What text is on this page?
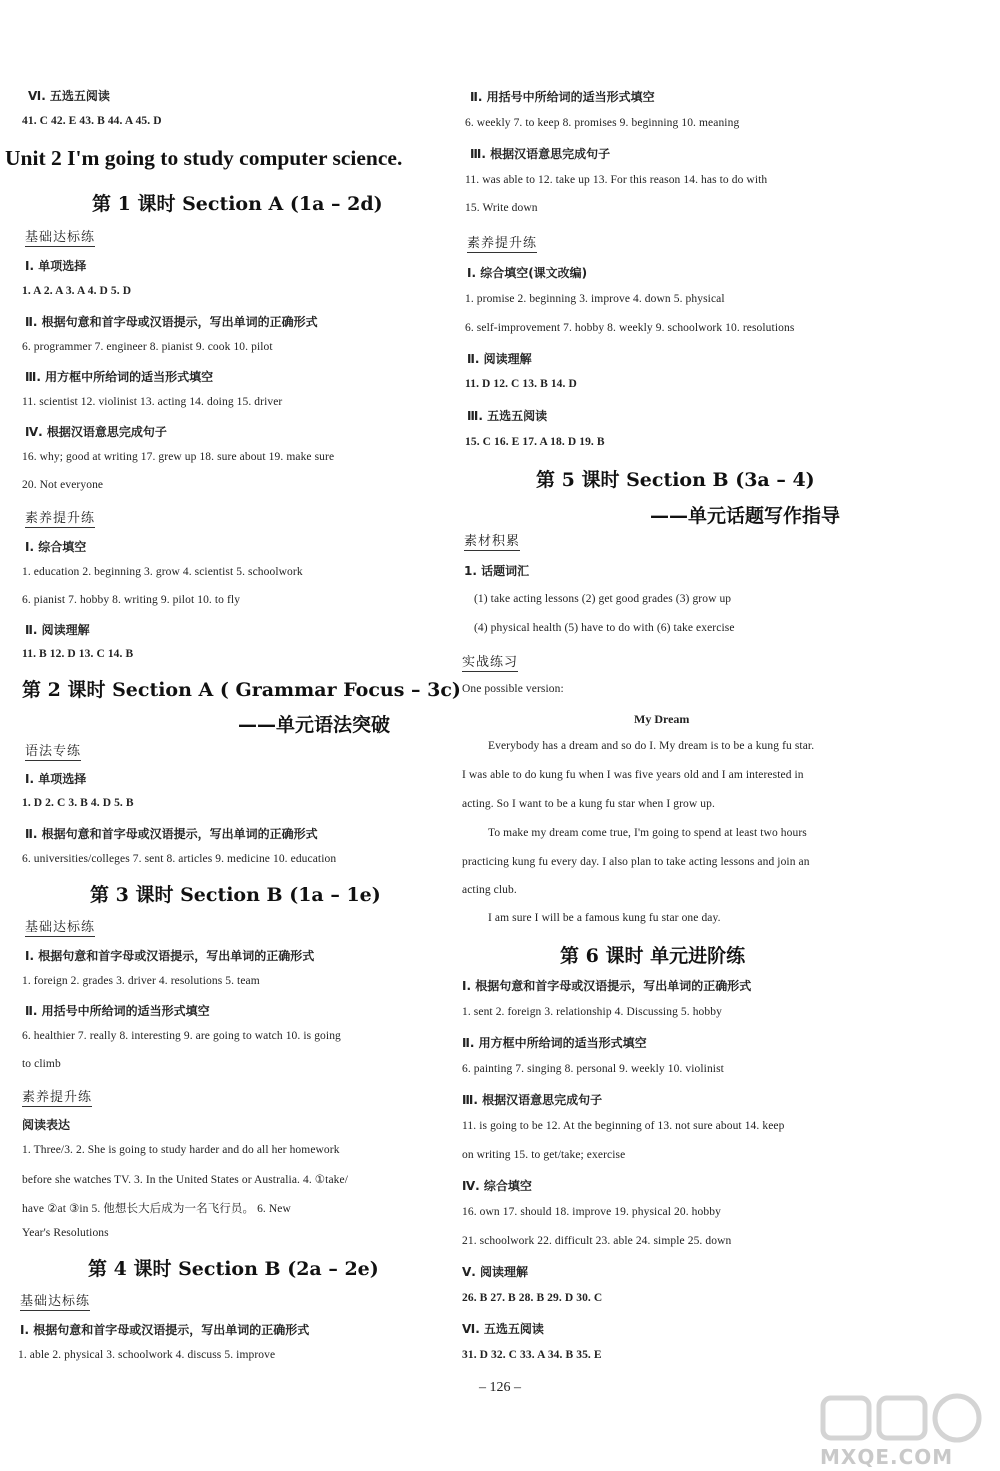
Ⅵ. 五选五阅读
41. C 42. E 43. B 44. A 45. D
Unit 2 I'm going to study computer science.
第 1 课时 Section A (1a – 2d)
基础达标练
Ⅰ. 单项选择
1. A 2. A 3. A 4. D 5. D
Ⅱ. 根据句意和首字母或汉语提示，写出单词的正确形式
6. programmer 7. engineer 8. pianist 9. cook 10. pilot
Ⅲ. 用方框中所给词的适当形式填空
11. scientist 12. violinist 13. acting 14. doing 15. driver
Ⅳ. 根据汉语意思完成句子
16. why; good at writing 17. grew up 18. sure about 19. make sure
20. Not everyone
素养提升练
Ⅰ. 综合填空
1. education 2. beginning 3. grow 4. scientist 5. schoolwork
6. pianist 7. hobby 8. writing 9. pilot 10. to fly
Ⅱ. 阅读理解
11. B 12. D 13. C 14. B
第 2 课时 Section A ( Grammar Focus – 3c)
——单元语法突破
语法专练
Ⅰ. 单项选择
1. D 2. C 3. B 4. D 5. B
Ⅱ. 根据句意和首字母或汉语提示，写出单词的正确形式
6. universities/colleges 7. sent 8. articles 9. medicine 10. education
第 3 课时 Section B (1a – 1e)
基础达标练
Ⅰ. 根据句意和首字母或汉语提示，写出单词的正确形式
1. foreign 2. grades 3. driver 4. resolutions 5. team
Ⅱ. 用括号中所给词的适当形式填空
6. healthier 7. really 8. interesting 9. are going to watch 10. is going
to climb
素养提升练
阅读表达
1. Three/3. 2. She is going to study harder and do all her homework
before she watches TV. 3. In the United States or Australia. 4. ①take/
have ②at ③in 5. 他想长大后成为一名飞行员。 6. New
Year's Resolutions
第 4 课时 Section B (2a – 2e)
基础达标练
Ⅰ. 根据句意和首字母或汉语提示，写出单词的正确形式
1. able 2. physical 3. schoolwork 4. discuss 5. improve
Ⅱ. 用括号中所给词的适当形式填空
6. weekly 7. to keep 8. promises 9. beginning 10. meaning
Ⅲ. 根据汉语意思完成句子
11. was able to 12. take up 13. For this reason 14. has to do with
15. Write down
素养提升练
Ⅰ. 综合填空(课文改编)
1. promise 2. beginning 3. improve 4. down 5. physical
6. self-improvement 7. hobby 8. weekly 9. schoolwork 10. resolutions
Ⅱ. 阅读理解
11. D 12. C 13. B 14. D
Ⅲ. 五选五阅读
15. C 16. E 17. A 18. D 19. B
第 5 课时 Section B (3a – 4)
——单元话题写作指导
素材积累
1. 话题词汇
(1) take acting lessons (2) get good grades (3) grow up
(4) physical health (5) have to do with (6) take exercise
实战练习
One possible version:
My Dream
Everybody has a dream and so do I. My dream is to be a kung fu star.
I was able to do kung fu when I was five years old and I am interested in
acting. So I want to be a kung fu star when I grow up.
To make my dream come true, I'm going to spend at least two hours
practicing kung fu every day. I also plan to take acting lessons and join an
acting club.
I am sure I will be a famous kung fu star one day.
第 6 课时 单元进阶练
Ⅰ. 根据句意和首字母或汉语提示，写出单词的正确形式
1. sent 2. foreign 3. relationship 4. Discussing 5. hobby
Ⅱ. 用方框中所给词的适当形式填空
6. painting 7. singing 8. personal 9. weekly 10. violinist
Ⅲ. 根据汉语意思完成句子
11. is going to be 12. At the beginning of 13. not sure about 14. keep
on writing 15. to get/take; exercise
Ⅳ. 综合填空
16. own 17. should 18. improve 19. physical 20. hobby
21. schoolwork 22. difficult 23. able 24. simple 25. down
Ⅴ. 阅读理解
26. B 27. B 28. B 29. D 30. C
Ⅵ. 五选五阅读
31. D 32. C 33. A 34. B 35. E
– 126 –
MXQE.COM
